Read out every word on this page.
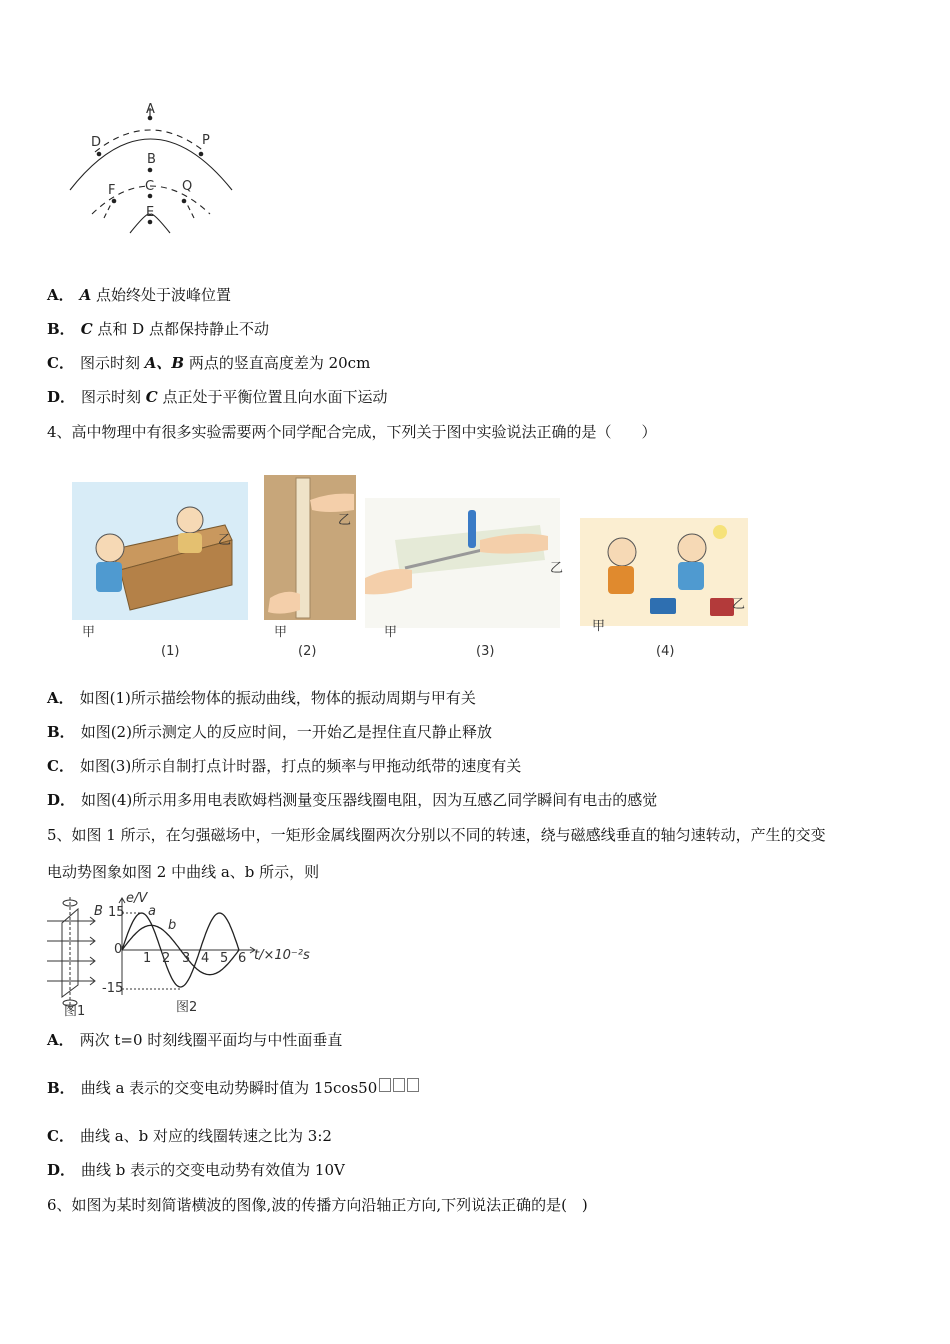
A
D	P
B
C
F	Q
E
A． A 点始终处于波峰位置
B． C 点和 D 点都保持静止不动
C． 图示时刻 A、B 两点的竖直高度差为 20cm
D． 图示时刻 C 点正处于平衡位置且向水面下运动
4、高中物理中有很多实验需要两个同学配合完成，下列关于图中实验说法正确的是（　　）
甲
乙
(1)
甲
乙
(2)
甲
乙
(3)
甲
乙
(4)
A． 如图(1)所示描绘物体的振动曲线，物体的振动周期与甲有关
B． 如图(2)所示测定人的反应时间，一开始乙是捏住直尺静止释放
C． 如图(3)所示自制打点计时器，打点的频率与甲拖动纸带的速度有关
D． 如图(4)所示用多用电表欧姆档测量变压器线圈电阻，因为互感乙同学瞬间有电击的感觉
5、如图 1 所示，在匀强磁场中，一矩形金属线圈两次分别以不同的转速，绕与磁感线垂直的轴匀速转动，产生的交变
电动势图象如图 2 中曲线 a、b 所示，则
B
图1
e/V
t/×10⁻²s
15
-15
0
1 2 3 4 5 6
a
b
图2
A． 两次 t=0 时刻线圈平面均与中性面垂直
B． 曲线 a 表示的交变电动势瞬时值为 15cos50
C． 曲线 a、b 对应的线圈转速之比为 3:2
D． 曲线 b 表示的交变电动势有效值为 10V
6、如图为某时刻简谐横波的图像,波的传播方向沿轴正方向,下列说法正确的是(　)
